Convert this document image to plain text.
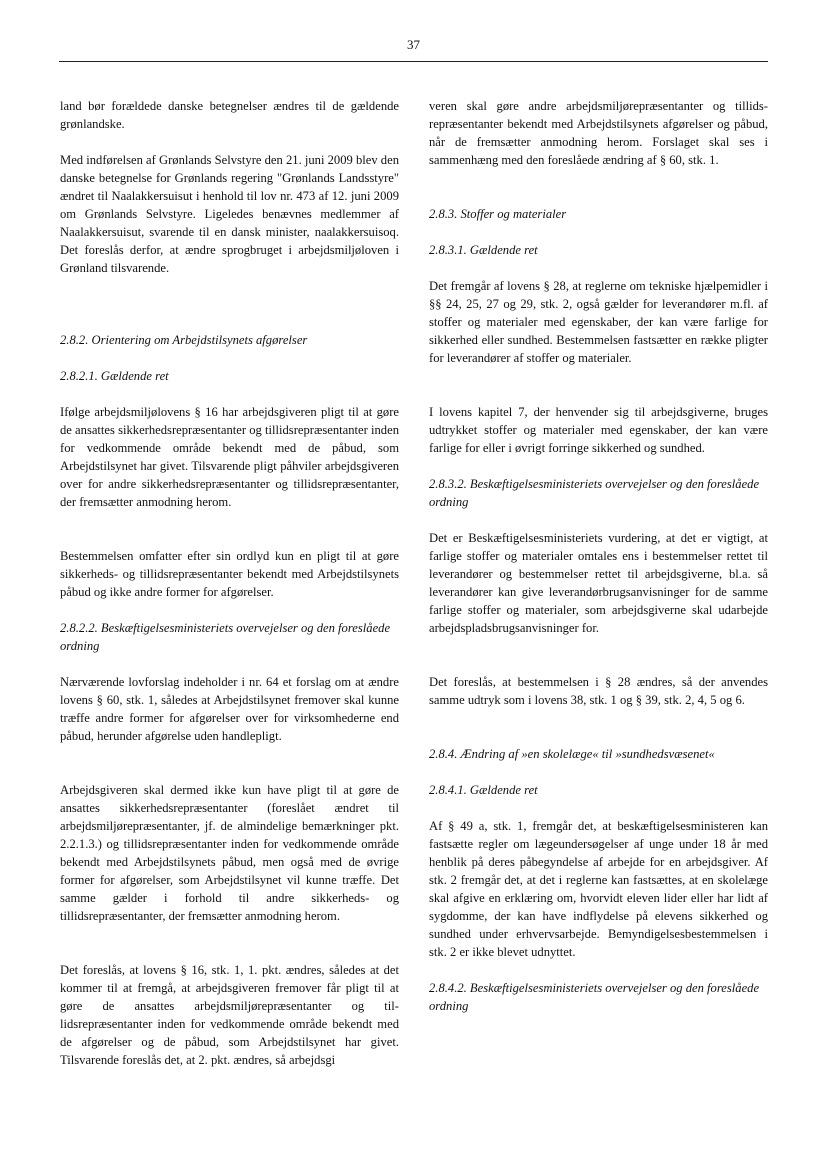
37

land bør forældede danske betegnelser ændres til de gældende grønlandske.

Med indførelsen af Grønlands Selvstyre den 21. juni 2009 blev den danske betegnelse for Grønlands regering "Grønlands Landsstyre" ændret til Naalakkersuisut i henhold til lov nr. 473 af 12. juni 2009 om Grønlands Selvstyre. Ligeledes benævnes medlemmer af Naalakkersuisut, svarende til en dansk minister, naalakkersuisoq. Det foreslås derfor, at ændre sprogbruget i arbejdsmiljøloven i Grønland tilsvarende.

2.8.2. Orientering om Arbejdstilsynets afgørelser

2.8.2.1. Gældende ret

Ifølge arbejdsmiljølovens § 16 har arbejdsgiveren pligt til at gøre de ansattes sikkerhedsrepræsentanter og tillidsrepræsentanter inden for vedkommende område bekendt med de påbud, som Arbejdstilsynet har givet. Tilsvarende pligt påhviler arbejdsgiveren over for andre sikkerhedsrepræsentanter og tillidsrepræsentanter, der fremsætter anmodning herom.

Bestemmelsen omfatter efter sin ordlyd kun en pligt til at gøre sikkerheds- og tillidsrepræsentanter bekendt med Arbejdstilsynets påbud og ikke andre former for afgørelser.

2.8.2.2. Beskæftigelsesministeriets overvejelser og den foreslåede ordning

Nærværende lovforslag indeholder i nr. 64 et forslag om at ændre lovens § 60, stk. 1, således at Arbejdstilsynet fremover skal kunne træffe andre former for afgørelser over for virksomhederne end påbud, herunder afgørelse uden handlepligt.

Arbejdsgiveren skal dermed ikke kun have pligt til at gøre de ansattes sikkerhedsrepræsentanter (foreslået ændret til arbejdsmiljørepræsentanter, jf. de almindelige bemærkninger pkt. 2.2.1.3.) og tillidsrepræsentanter inden for vedkommende område bekendt med Arbejdstilsynets påbud, men også med de øvrige former for afgørelser, som Arbejdstilsynet vil kunne træffe. Det samme gælder i forhold til andre sikkerheds- og tillidsrepræsentanter, der fremsætter anmodning herom.

Det foreslås, at lovens § 16, stk. 1, 1. pkt. ændres, således at det kommer til at fremgå, at arbejdsgiveren fremover får pligt til at gøre de ansattes arbejdsmiljørepræsentanter og tillidsrepræsentanter inden for vedkommende område bekendt med de afgørelser og de påbud, som Arbejdstilsynet har givet. Tilsvarende foreslås det, at 2. pkt. ændres, så arbejdsgi

veren skal gøre andre arbejdsmiljørepræsentanter og tillidsrepræsentanter bekendt med Arbejdstilsynets afgørelser og påbud, når de fremsætter anmodning herom. Forslaget skal ses i sammenhæng med den foreslåede ændring af § 60, stk. 1.

2.8.3. Stoffer og materialer

2.8.3.1. Gældende ret

Det fremgår af lovens § 28, at reglerne om tekniske hjælpemidler i §§ 24, 25, 27 og 29, stk. 2, også gælder for leverandører m.fl. af stoffer og materialer med egenskaber, der kan være farlige for sikkerhed eller sundhed. Bestemmelsen fastsætter en række pligter for leverandører af stoffer og materialer.

I lovens kapitel 7, der henvender sig til arbejdsgiverne, bruges udtrykket stoffer og materialer med egenskaber, der kan være farlige for eller i øvrigt forringe sikkerhed og sundhed.

2.8.3.2. Beskæftigelsesministeriets overvejelser og den foreslåede ordning

Det er Beskæftigelsesministeriets vurdering, at det er vigtigt, at farlige stoffer og materialer omtales ens i bestemmelser rettet til leverandører og bestemmelser rettet til arbejdsgiverne, bl.a. så leverandører kan give leverandørbrugsanvisninger for de samme farlige stoffer og materialer, som arbejdsgiverne skal udarbejde arbejdspladsbrugsanvisninger for.

Det foreslås, at bestemmelsen i § 28 ændres, så der anvendes samme udtryk som i lovens 38, stk. 1 og § 39, stk. 2, 4, 5 og 6.

2.8.4. Ændring af »en skolelæge« til »sundhedsvæsenet«

2.8.4.1. Gældende ret

Af § 49 a, stk. 1, fremgår det, at beskæftigelsesministeren kan fastsætte regler om lægeundersøgelser af unge under 18 år med henblik på deres påbegyndelse af arbejde for en arbejdsgiver. Af stk. 2 fremgår det, at det i reglerne kan fastsættes, at en skolelæge skal afgive en erklæring om, hvorvidt eleven lider eller har lidt af sygdomme, der kan have indflydelse på elevens sikkerhed og sundhed under erhvervsarbejde. Bemyndigelsesbestemmelsen i stk. 2 er ikke blevet udnyttet.

2.8.4.2. Beskæftigelsesministeriets overvejelser og den foreslåede ordning
